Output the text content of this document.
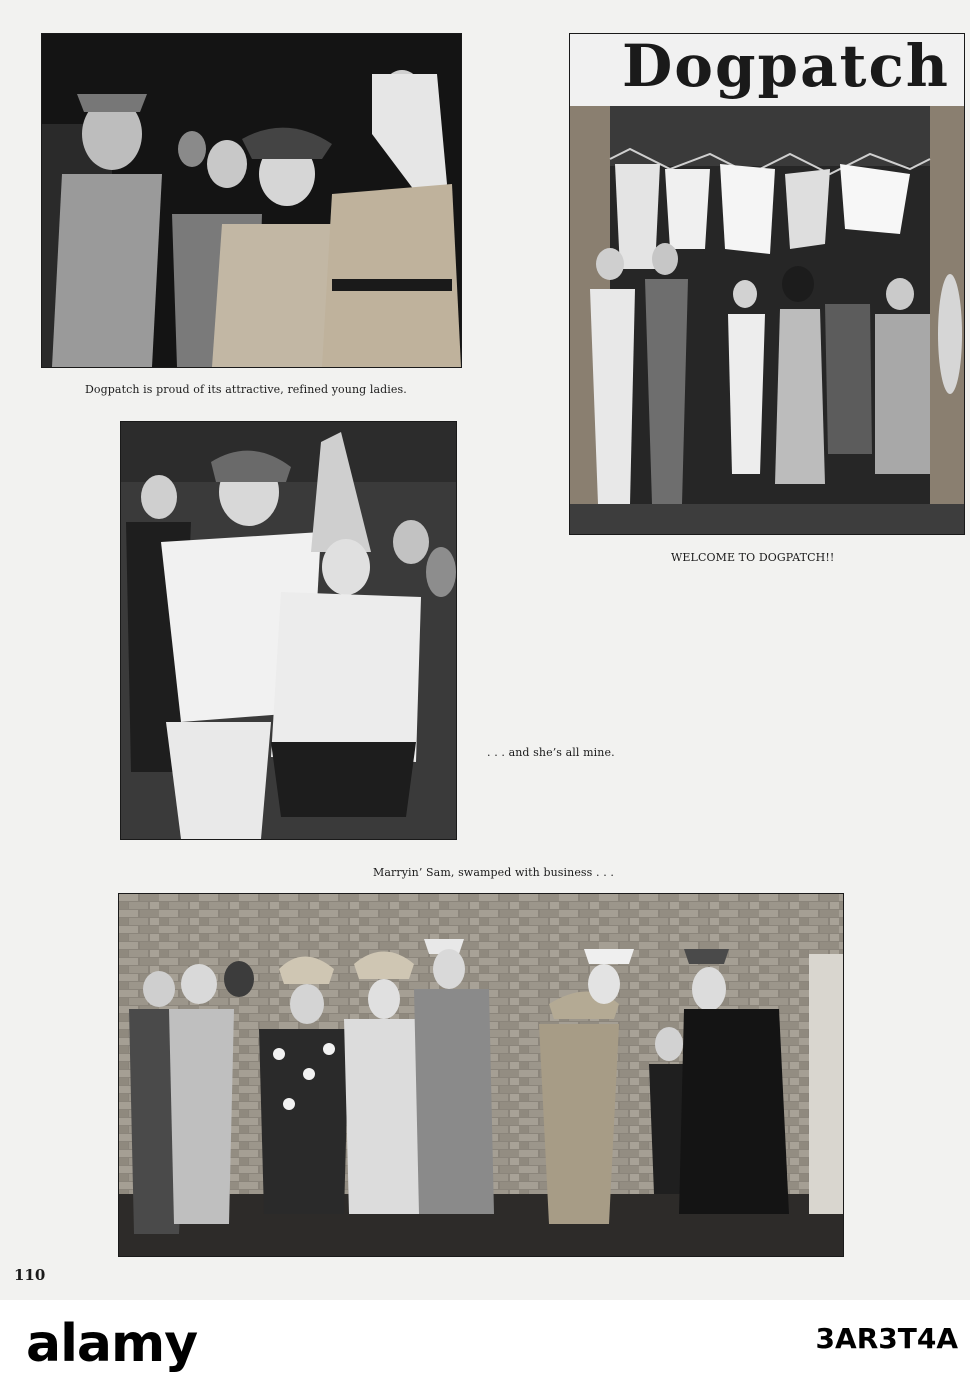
Dogpatch is proud of its attractive, refined young ladies.
Dogpatch
WELCOME TO DOGPATCH!!
. . . and she’s all mine.
Marryin’ Sam, swamped with business . . .
110
alamy	3AR3T4A
